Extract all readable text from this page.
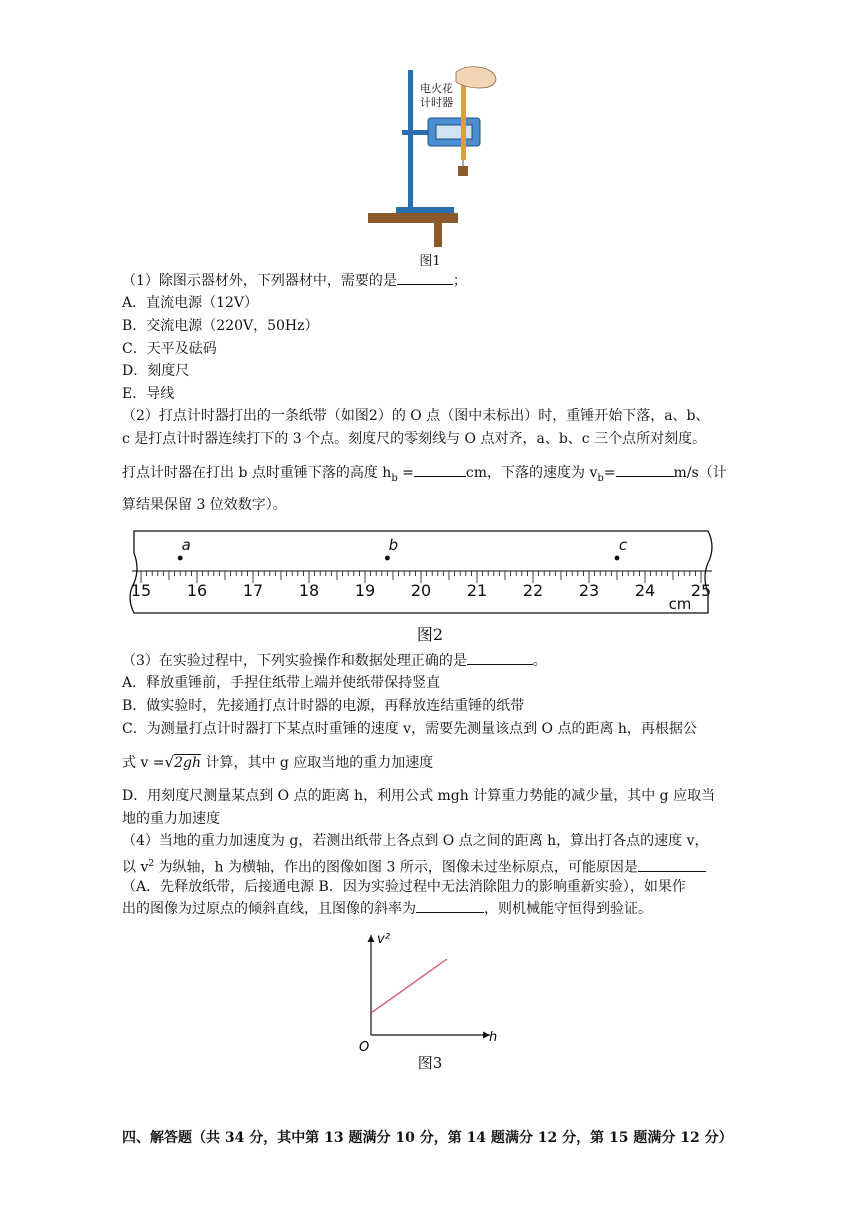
电火花
计时器
图1
（1）除图示器材外，下列器材中，需要的是	；
A．直流电源（12V）
B．交流电源（220V，50Hz）
C．天平及砝码
D．刻度尺
E．导线
（2）打点计时器打出的一条纸带（如图2）的 O 点（图中未标出）时，重锤开始下落，a、b、
c 是打点计时器连续打下的 3 个点。刻度尺的零刻线与 O 点对齐，a、b、c 三个点所对刻度。
打点计时器在打出 b 点时重锤下落的高度 $h_b$ =	cm，下落的速度为 $v_b=$	m/s（计
算结果保留 3 位效数字）。
15 16 17 18 19 20 21 22 23 24 25
cm
a	b	c
图2
（3）在实验过程中，下列实验操作和数据处理正确的是	。
A．释放重锤前，手捏住纸带上端并使纸带保持竖直
B．做实验时，先接通打点计时器的电源，再释放连结重锤的纸带
C．为测量打点计时器打下某点时重锤的速度 v，需要先测量该点到 O 点的距离 h，再根据公
式 v =√2gh 计算，其中 g 应取当地的重力加速度
D．用刻度尺测量某点到 O 点的距离 h，利用公式 mgh 计算重力势能的减少量，其中 g 应取当
地的重力加速度
（4）当地的重力加速度为 g，若测出纸带上各点到 O 点之间的距离 h，算出打各点的速度 v，
以 $v^2$ 为纵轴，h 为横轴，作出的图像如图 3 所示，图像未过坐标原点，可能原因是
（A．先释放纸带，后接通电源 B．因为实验过程中无法消除阻力的影响重新实验），如果作
出的图像为过原点的倾斜直线，且图像的斜率为	，则机械能守恒得到验证。
v²
h
O
图3
四、解答题（共 34 分，其中第 13 题满分 10 分，第 14 题满分 12 分，第 15 题满分 12 分）
